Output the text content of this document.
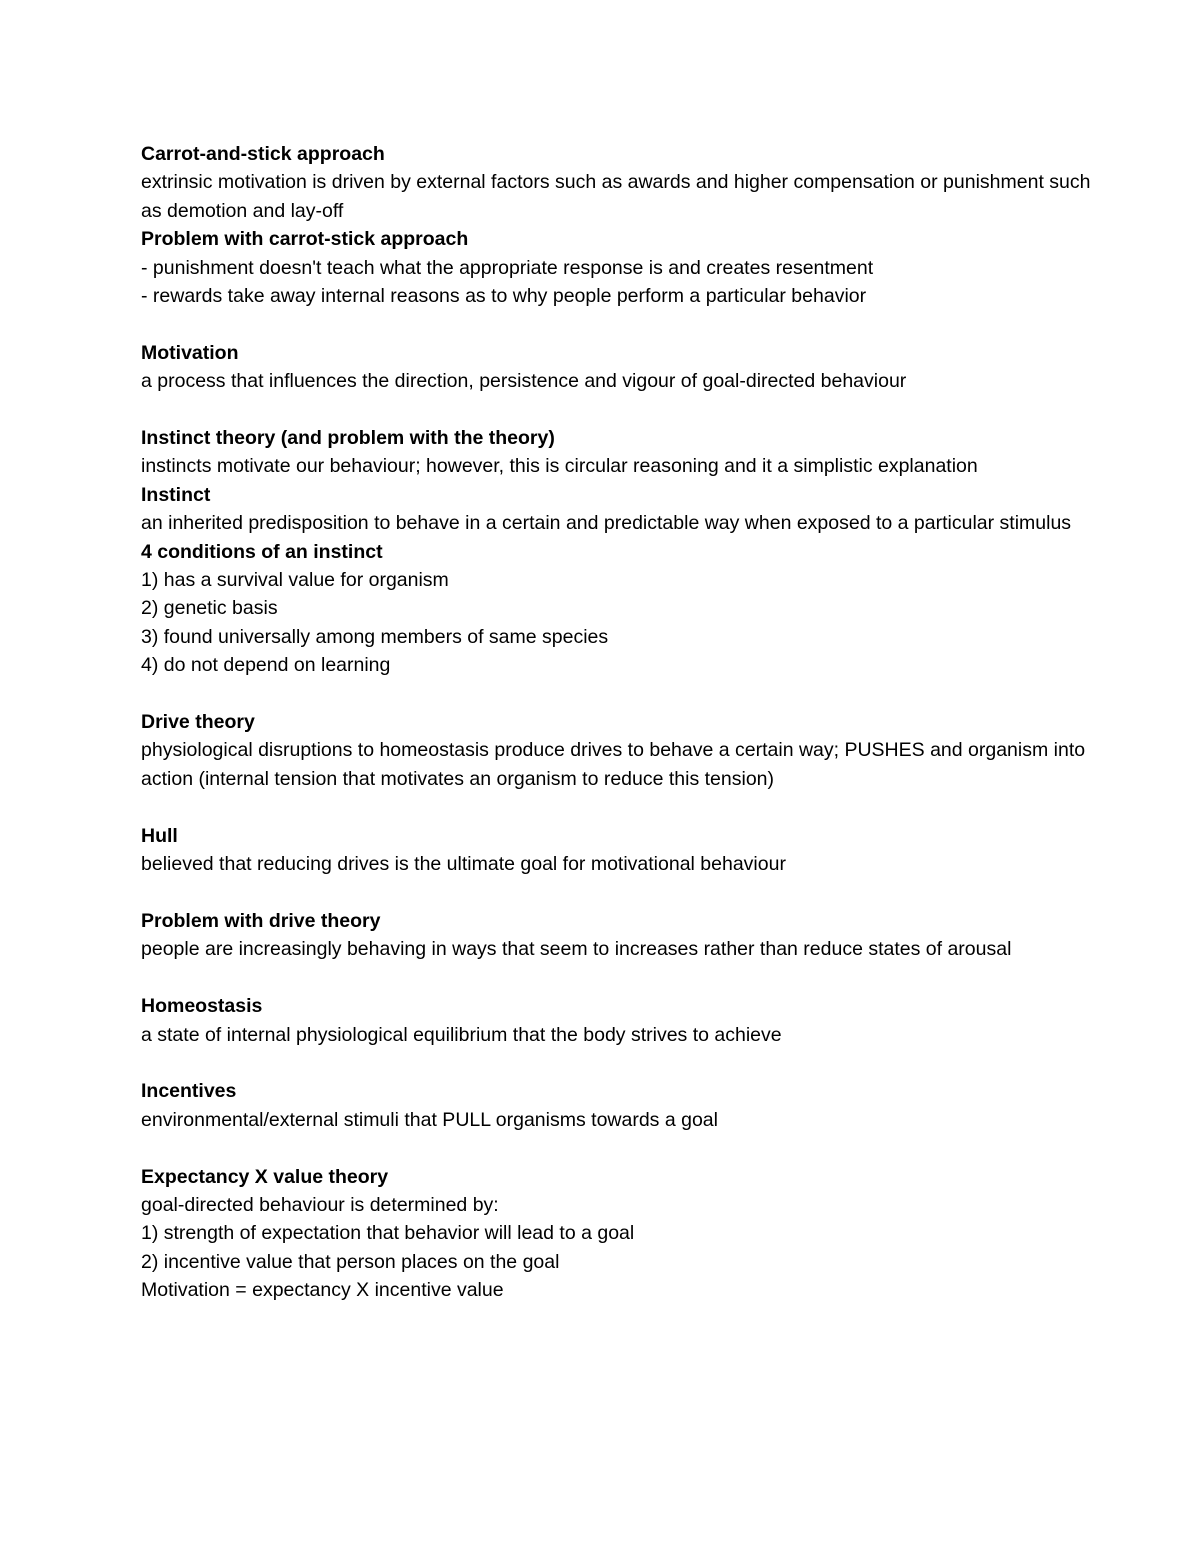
Carrot-and-stick approach
extrinsic motivation is driven by external factors such as awards and higher compensation or punishment such as demotion and lay-off
Problem with carrot-stick approach
- punishment doesn't teach what the appropriate response is and creates resentment
- rewards take away internal reasons as to why people perform a particular behavior
Motivation
a process that influences the direction, persistence and vigour of goal-directed behaviour
Instinct theory (and problem with the theory)
instincts motivate our behaviour; however, this is circular reasoning and it a simplistic explanation
Instinct
an inherited predisposition to behave in a certain and predictable way when exposed to a particular stimulus
4 conditions of an instinct
1) has a survival value for organism
2) genetic basis
3) found universally among members of same species
4) do not depend on learning
Drive theory
physiological disruptions to homeostasis produce drives to behave a certain way; PUSHES and organism into action (internal tension that motivates an organism to reduce this tension)
Hull
believed that reducing drives is the ultimate goal for motivational behaviour
Problem with drive theory
people are increasingly behaving in ways that seem to increases rather than reduce states of arousal
Homeostasis
a state of internal physiological equilibrium that the body strives to achieve
Incentives
environmental/external stimuli that PULL organisms towards a goal
Expectancy X value theory
goal-directed behaviour is determined by:
1) strength of expectation that behavior will lead to a goal
2) incentive value that person places on the goal
Motivation = expectancy X incentive value
